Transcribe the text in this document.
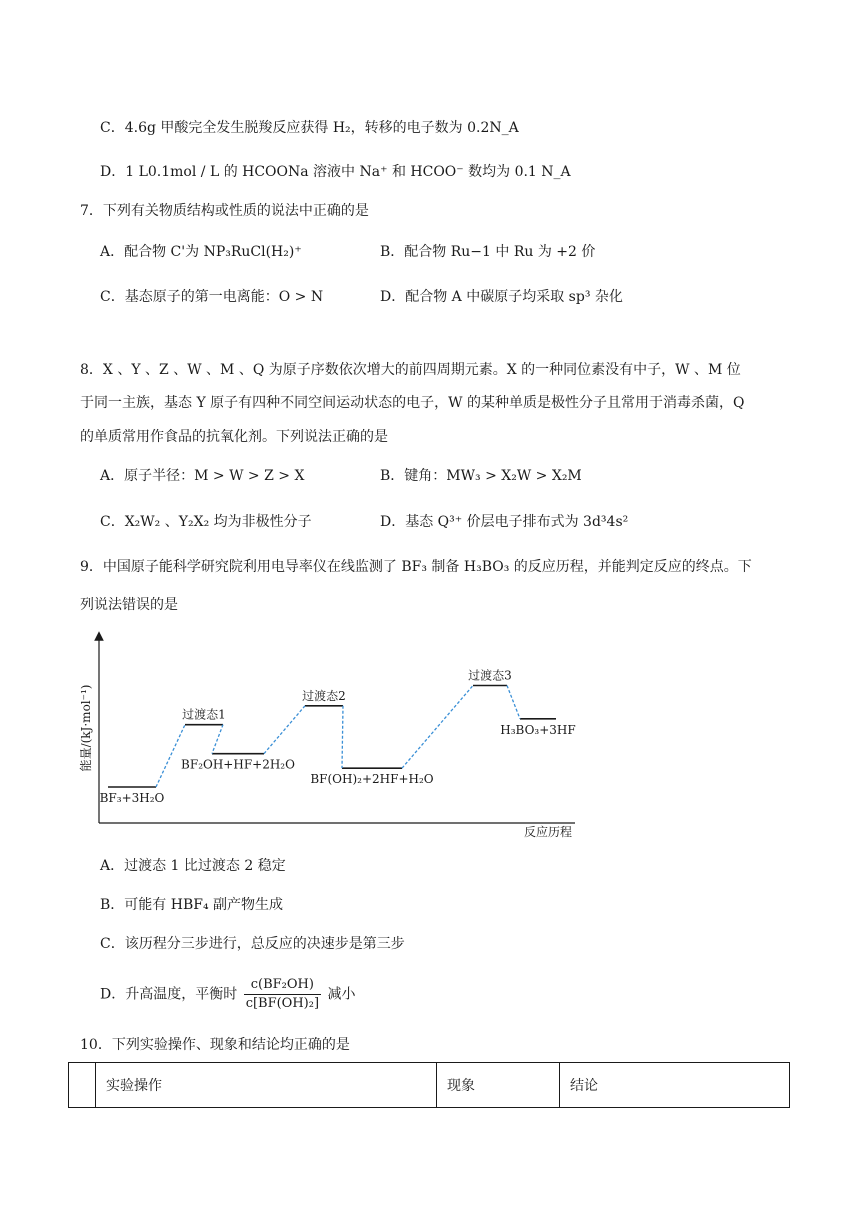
C．4.6g 甲酸完全发生脱羧反应获得 H₂，转移的电子数为 0.2N_A
D．1 L0.1mol / L 的 HCOONa 溶液中 Na⁺ 和 HCOO⁻ 数均为 0.1 N_A
7．下列有关物质结构或性质的说法中正确的是
A．配合物 C'为 NP₃RuCl(H₂)⁺	B．配合物 Ru−1 中 Ru 为 +2 价
C．基态原子的第一电离能：O > N	D．配合物 A 中碳原子均采取 sp³ 杂化
8．X 、Y 、Z 、W 、M 、Q 为原子序数依次增大的前四周期元素。X 的一种同位素没有中子，W 、M 位
于同一主族，基态 Y 原子有四种不同空间运动状态的电子，W 的某种单质是极性分子且常用于消毒杀菌，Q
的单质常用作食品的抗氧化剂。下列说法正确的是
A．原子半径：M > W > Z > X	B．键角：MW₃ > X₂W > X₂M
C．X₂W₂ 、Y₂X₂ 均为非极性分子	D．基态 Q³⁺ 价层电子排布式为 3d³4s²
9．中国原子能科学研究院利用电导率仪在线监测了 BF₃ 制备 H₃BO₃ 的反应历程，并能判定反应的终点。下
列说法错误的是
能量/(kJ·mol⁻¹)
反应历程
BF₃+3H₂O
过渡态1
BF₂OH+HF+2H₂O
过渡态2
BF(OH)₂+2HF+H₂O
过渡态3
H₃BO₃+3HF
A．过渡态 1 比过渡态 2 稳定
B．可能有 HBF₄ 副产物生成
C．该历程分三步进行，总反应的决速步是第三步
D．升高温度，平衡时 $\frac{\text{c(BF₂OH)}}{\text{c[BF(OH)₂]}}$ 减小
10．下列实验操作、现象和结论均正确的是
	实验操作	现象	结论
